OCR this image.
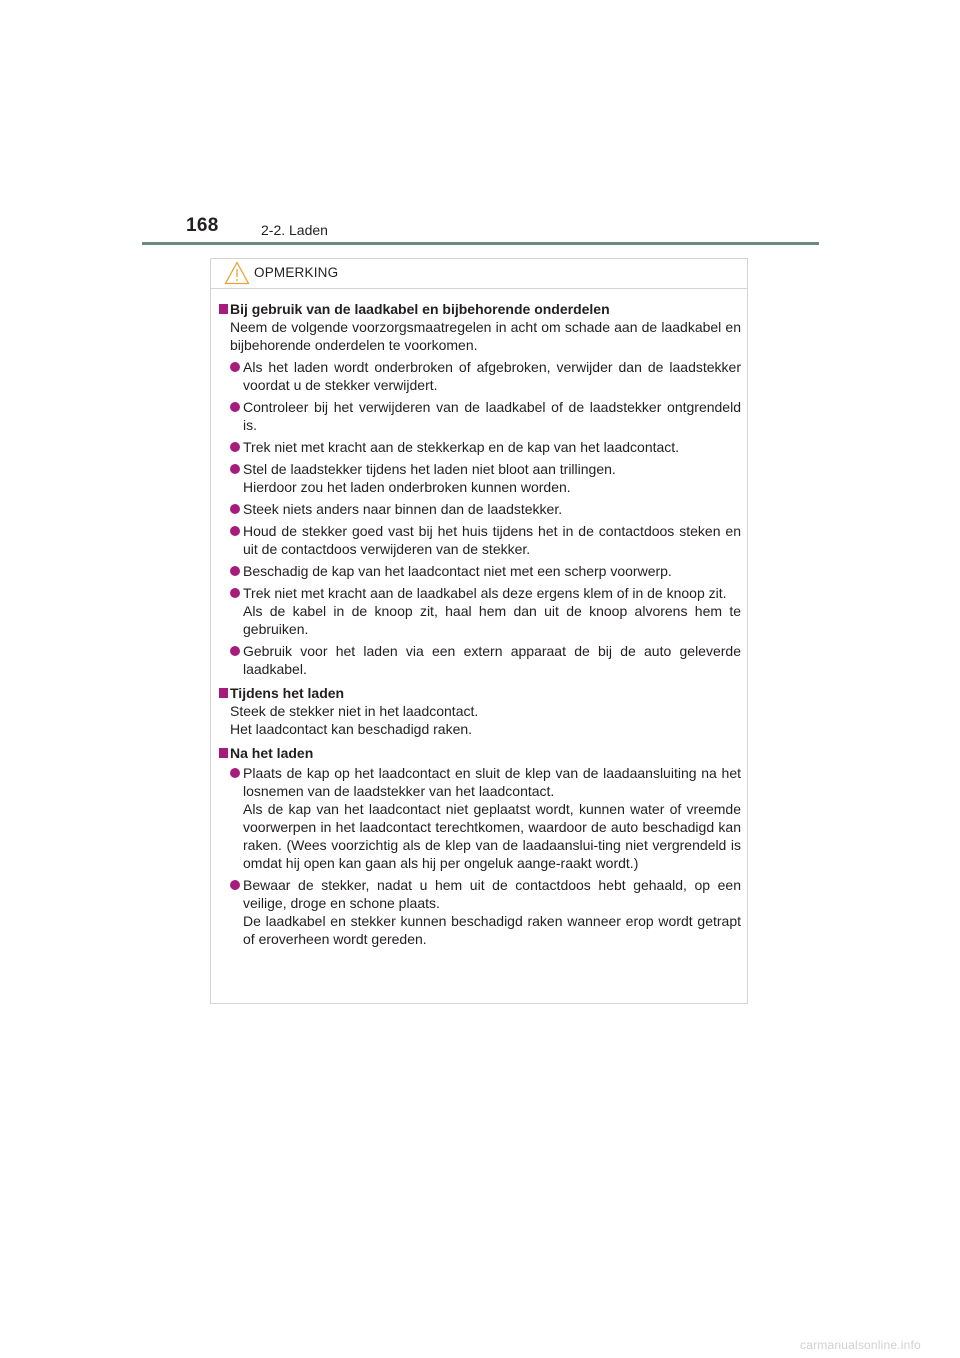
168	2-2. Laden
OPMERKING
Bij gebruik van de laadkabel en bijbehorende onderdelen
Neem de volgende voorzorgsmaatregelen in acht om schade aan de laadkabel en bijbehorende onderdelen te voorkomen.
Als het laden wordt onderbroken of afgebroken, verwijder dan de laadstekker voordat u de stekker verwijdert.
Controleer bij het verwijderen van de laadkabel of de laadstekker ontgrendeld is.
Trek niet met kracht aan de stekkerkap en de kap van het laadcontact.
Stel de laadstekker tijdens het laden niet bloot aan trillingen.
Hierdoor zou het laden onderbroken kunnen worden.
Steek niets anders naar binnen dan de laadstekker.
Houd de stekker goed vast bij het huis tijdens het in de contactdoos steken en uit de contactdoos verwijderen van de stekker.
Beschadig de kap van het laadcontact niet met een scherp voorwerp.
Trek niet met kracht aan de laadkabel als deze ergens klem of in de knoop zit.
Als de kabel in de knoop zit, haal hem dan uit de knoop alvorens hem te gebruiken.
Gebruik voor het laden via een extern apparaat de bij de auto geleverde laadkabel.
Tijdens het laden
Steek de stekker niet in het laadcontact.
Het laadcontact kan beschadigd raken.
Na het laden
Plaats de kap op het laadcontact en sluit de klep van de laadaansluiting na het losnemen van de laadstekker van het laadcontact.
Als de kap van het laadcontact niet geplaatst wordt, kunnen water of vreemde voorwerpen in het laadcontact terechtkomen, waardoor de auto beschadigd kan raken. (Wees voorzichtig als de klep van de laadaanslui-ting niet vergrendeld is omdat hij open kan gaan als hij per ongeluk aange-raakt wordt.)
Bewaar de stekker, nadat u hem uit de contactdoos hebt gehaald, op een veilige, droge en schone plaats.
De laadkabel en stekker kunnen beschadigd raken wanneer erop wordt getrapt of eroverheen wordt gereden.
carmanualsonline.info
